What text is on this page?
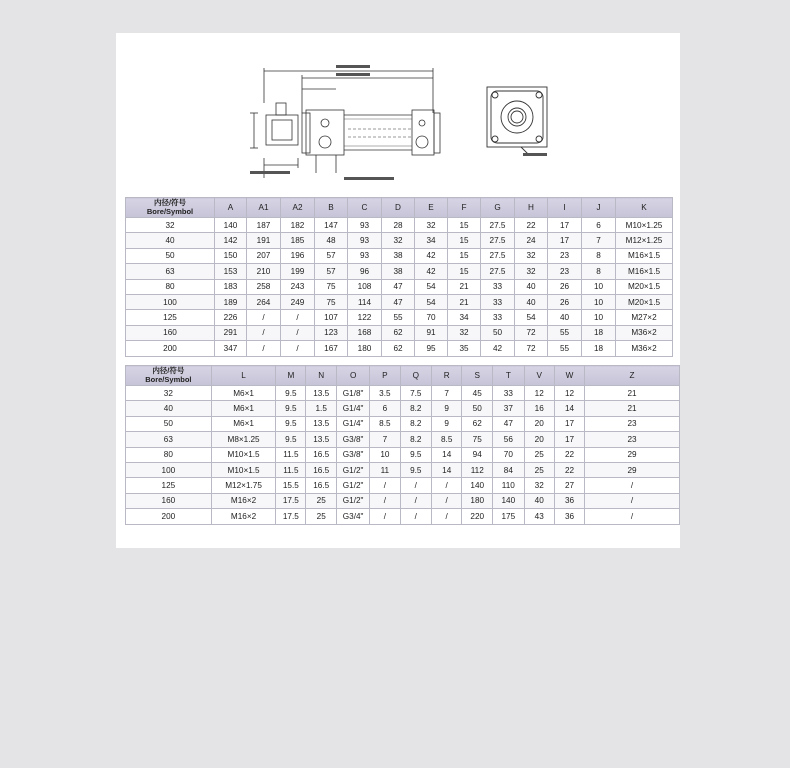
内径/符号
Bore/Symbol	A	A1	A2	B	C	D	E	F	G	H	I	J	K
32	140	187	182	147	93	28	32	15	27.5	22	17	6	M10×1.25
40	142	191	185	48	93	32	34	15	27.5	24	17	7	M12×1.25
50	150	207	196	57	93	38	42	15	27.5	32	23	8	M16×1.5
63	153	210	199	57	96	38	42	15	27.5	32	23	8	M16×1.5
80	183	258	243	75	108	47	54	21	33	40	26	10	M20×1.5
100	189	264	249	75	114	47	54	21	33	40	26	10	M20×1.5
125	226	/	/	107	122	55	70	34	33	54	40	10	M27×2
160	291	/	/	123	168	62	91	32	50	72	55	18	M36×2
200	347	/	/	167	180	62	95	35	42	72	55	18	M36×2
内径/符号
Bore/Symbol	L	M	N	O	P	Q	R	S	T	V	W	Z
32	M6×1	9.5	13.5	G1/8"	3.5	7.5	7	45	33	12	12	21
40	M6×1	9.5	1.5	G1/4"	6	8.2	9	50	37	16	14	21
50	M6×1	9.5	13.5	G1/4"	8.5	8.2	9	62	47	20	17	23
63	M8×1.25	9.5	13.5	G3/8"	7	8.2	8.5	75	56	20	17	23
80	M10×1.5	11.5	16.5	G3/8"	10	9.5	14	94	70	25	22	29
100	M10×1.5	11.5	16.5	G1/2"	11	9.5	14	112	84	25	22	29
125	M12×1.75	15.5	16.5	G1/2"	/	/	/	140	110	32	27	/
160	M16×2	17.5	25	G1/2"	/	/	/	180	140	40	36	/
200	M16×2	17.5	25	G3/4"	/	/	/	220	175	43	36	/
